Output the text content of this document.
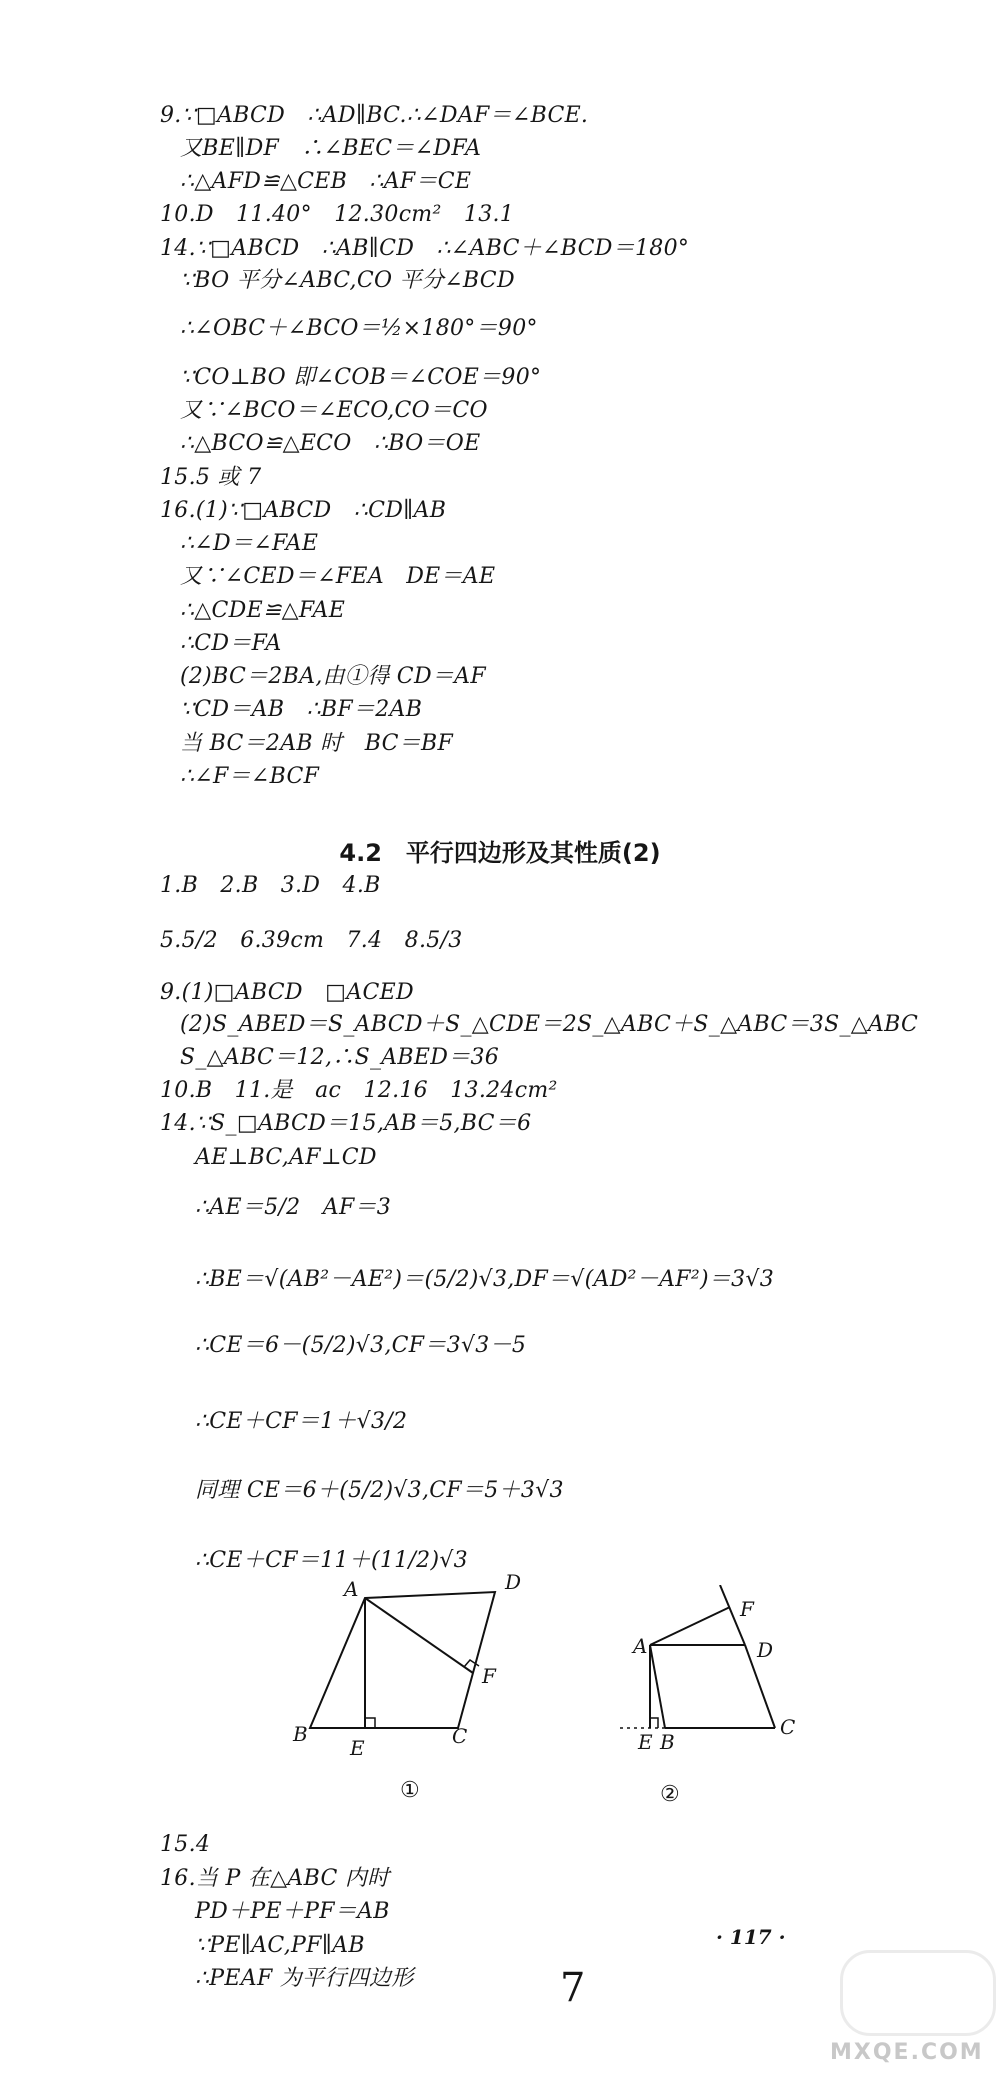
9.∵□ABCD　∴AD∥BC.∴∠DAF＝∠BCE.
又BE∥DF　∴∠BEC＝∠DFA
∴△AFD≌△CEB　∴AF＝CE
10.D　11.40°　12.30cm²　13.1
14.∵□ABCD　∴AB∥CD　∴∠ABC＋∠BCD＝180°
∵BO 平分∠ABC,CO 平分∠BCD
∴∠OBC＋∠BCO＝½×180°＝90°
∵CO⊥BO 即∠COB＝∠COE＝90°
又∵∠BCO＝∠ECO,CO＝CO
∴△BCO≌△ECO　∴BO＝OE
15.5 或 7
16.(1)∵□ABCD　∴CD∥AB
∴∠D＝∠FAE
又∵∠CED＝∠FEA　DE＝AE
∴△CDE≌△FAE
∴CD＝FA
(2)BC＝2BA,由①得 CD＝AF
∵CD＝AB　∴BF＝2AB
当 BC＝2AB 时　BC＝BF
∴∠F＝∠BCF
4.2　平行四边形及其性质(2)
1.B　2.B　3.D　4.B
5.5/2　6.39cm　7.4　8.5/3
9.(1)□ABCD　□ACED
(2)S_ABED＝S_ABCD＋S_△CDE＝2S_△ABC＋S_△ABC＝3S_△ABC
S_△ABC＝12,∴S_ABED＝36
10.B　11.是　ac　12.16　13.24cm²
14.∵S_□ABCD＝15,AB＝5,BC＝6
AE⊥BC,AF⊥CD
∴AE＝5/2　AF＝3
∴BE＝√(AB²－AE²)＝(5/2)√3,DF＝√(AD²－AF²)＝3√3
∴CE＝6－(5/2)√3,CF＝3√3－5
∴CE＋CF＝1＋√3/2
同理 CE＝6＋(5/2)√3,CF＝5＋3√3
∴CE＋CF＝11＋(11/2)√3
A	D
F
B
E	C
①
F
A	D
E B
C
②
15.4
16.当 P 在△ABC 内时
PD＋PE＋PF＝AB
∵PE∥AC,PF∥AB
∴PEAF 为平行四边形
· 117 ·
7
MXQE.COM
